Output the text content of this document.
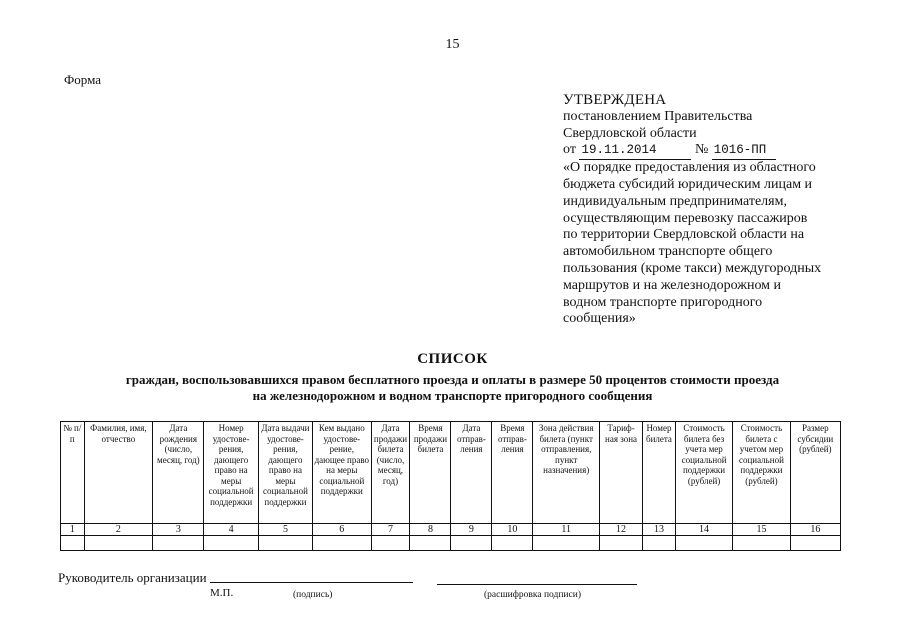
15
Форма
УТВЕРЖДЕНА
постановлением Правительства
Свердловской области
от 19.11.2014	№ 1016-ПП
«О порядке предоставления из областного
бюджета субсидий юридическим лицам и
индивидуальным предпринимателям,
осуществляющим перевозку пассажиров
по территории Свердловской области на
автомобильном транспорте общего
пользования (кроме такси) междугородных
маршрутов и на железнодорожном и
водном транспорте пригородного
сообщения»
СПИСОК
граждан, воспользовавшихся правом бесплатного проезда и оплаты в размере 50 процентов стоимости проезда
на железнодорожном и водном транспорте пригородного сообщения
№ п/п	Фамилия, имя, отчество	Дата рождения (число, месяц, год)	Номер удостове-рения, дающего право на меры социальной поддержки	Дата выдачи удостове-рения, дающего право на меры социальной поддержки	Кем выдано удостове-рение, дающее право на меры социальной поддержки	Дата продажи билета (число, месяц, год)	Время продажи билета	Дата отправ-ления	Время отправ-ления	Зона действия билета (пункт отправления, пункт назначения)	Тариф-ная зона	Номер билета	Стоимость билета без учета мер социальной поддержки (рублей)	Стоимость билета с учетом мер социальной поддержки (рублей)	Размер субсидии (рублей)
1	2	3	4	5	6	7	8	9	10	11	12	13	14	15	16

Руководитель организации
М.П.	(подпись)	(расшифровка подписи)
